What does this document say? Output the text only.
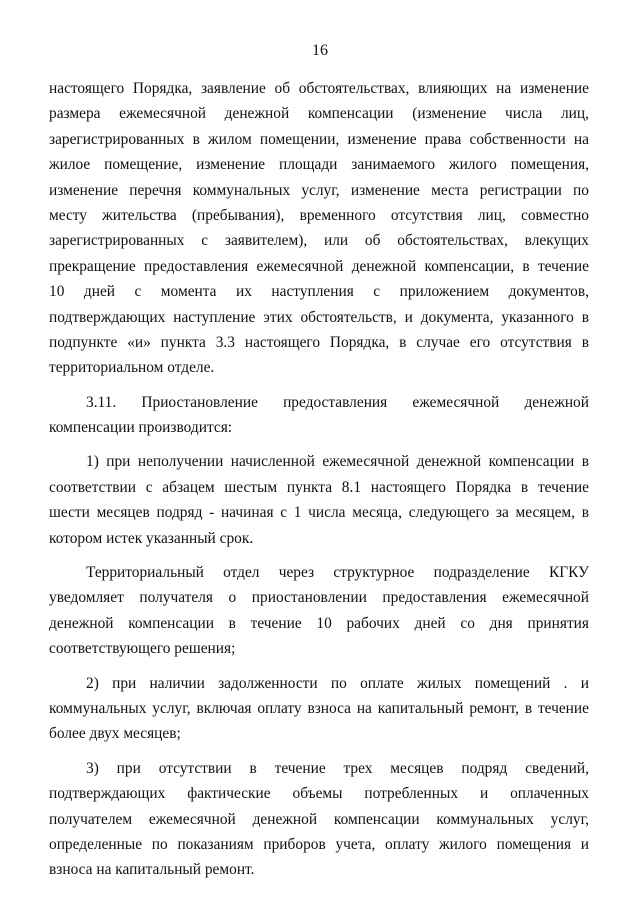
16
настоящего Порядка, заявление об обстоятельствах, влияющих на изменение
размера ежемесячной денежной компенсации (изменение числа лиц,
зарегистрированных в жилом помещении, изменение права собственности на
жилое помещение, изменение площади занимаемого жилого помещения,
изменение перечня коммунальных услуг, изменение места регистрации по
месту жительства (пребывания), временного отсутствия лиц, совместно
зарегистрированных с заявителем), или об обстоятельствах, влекущих
прекращение предоставления ежемесячной денежной компенсации, в течение
10 дней с момента их наступления с приложением документов,
подтверждающих наступление этих обстоятельств, и документа, указанного в
подпункте «и» пункта 3.3 настоящего Порядка, в случае его отсутствия в
территориальном отделе.
3.11. Приостановление предоставления ежемесячной денежной
компенсации производится:
1) при неполучении начисленной ежемесячной денежной компенсации в
соответствии с абзацем шестым пункта 8.1 настоящего Порядка в течение
шести месяцев подряд - начиная с 1 числа месяца, следующего за месяцем, в
котором истек указанный срок.
Территориальный отдел через структурное подразделение КГКУ
уведомляет получателя о приостановлении предоставления ежемесячной
денежной компенсации в течение 10 рабочих дней со дня принятия
соответствующего решения;
2) при наличии задолженности по оплате жилых помещений . и
коммунальных услуг, включая оплату взноса на капитальный ремонт, в течение
более двух месяцев;
3) при отсутствии в течение трех месяцев подряд сведений,
подтверждающих фактические объемы потребленных и оплаченных
получателем ежемесячной денежной компенсации коммунальных услуг,
определенные по показаниям приборов учета, оплату жилого помещения и
взноса на капитальный ремонт.
